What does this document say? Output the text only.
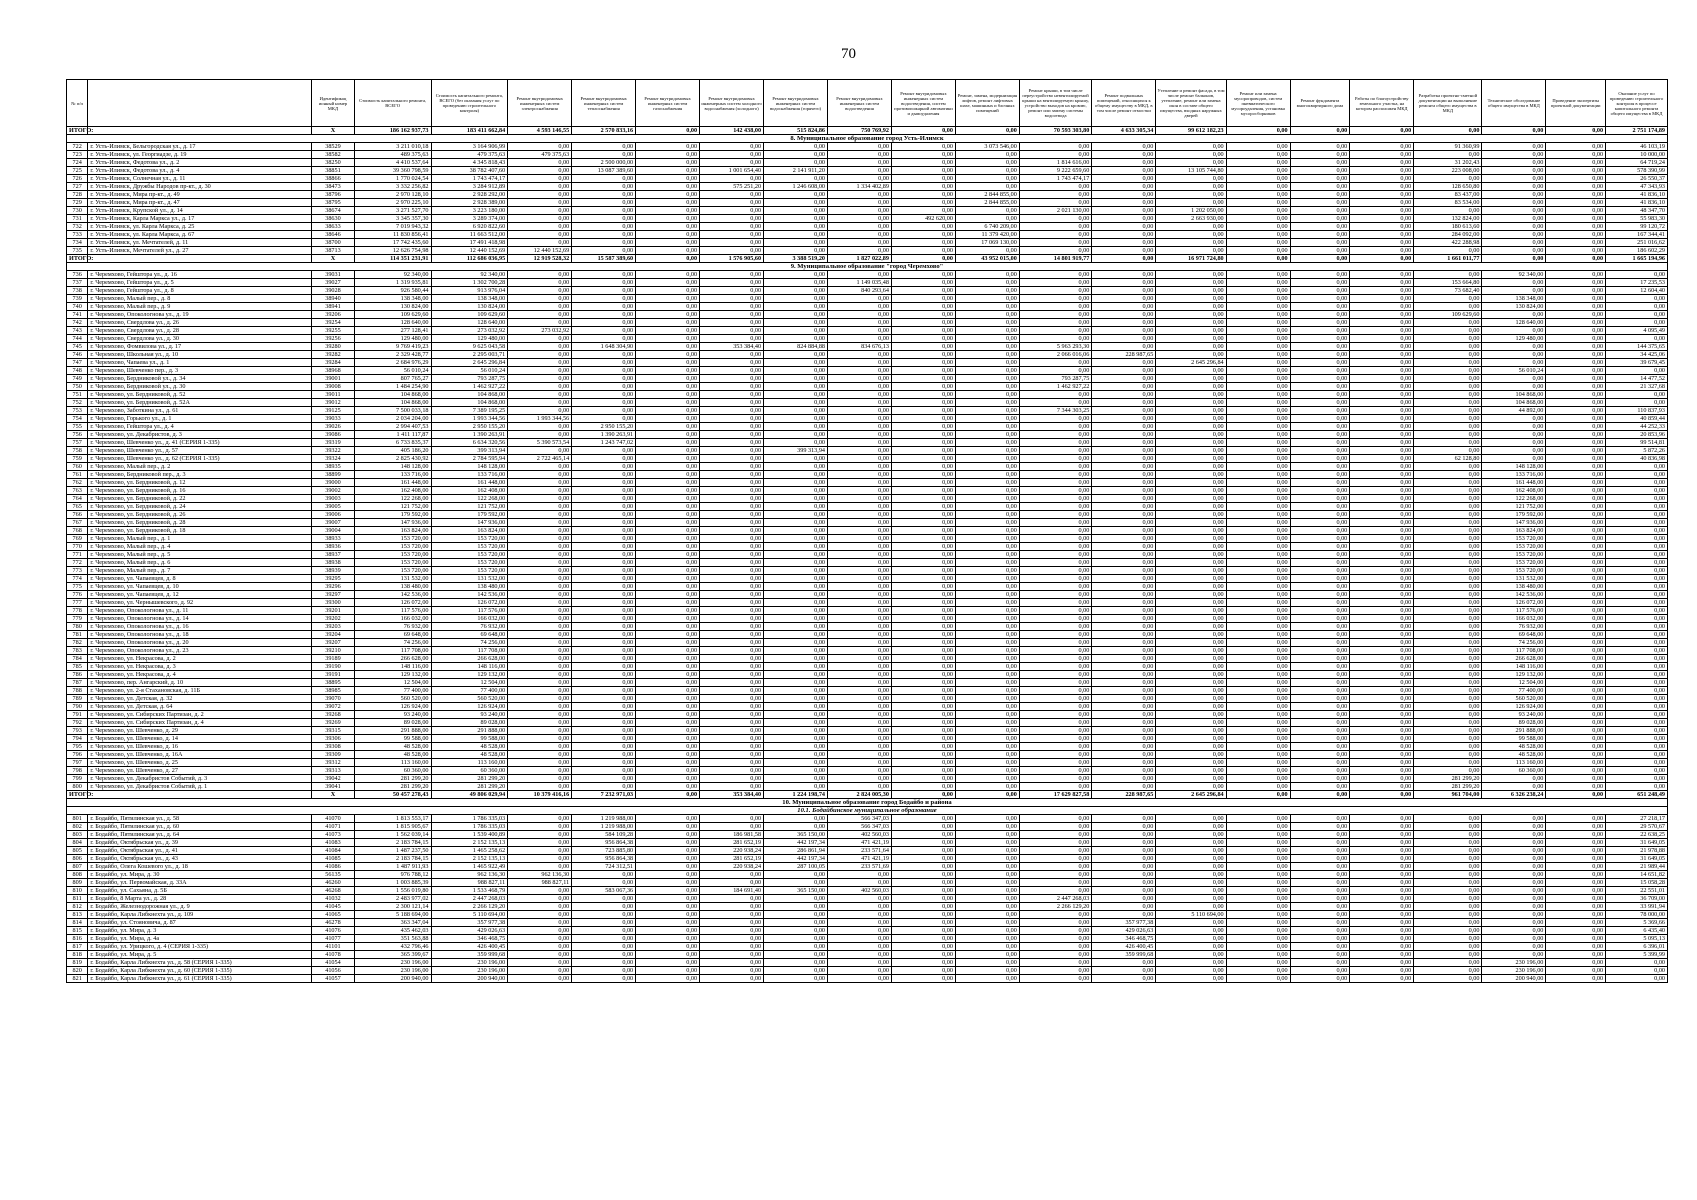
70
№ п/п		Идентификац ионный номер МКД	Стоимость капитального ремонта, ВСЕГО	Стоимость капитального ремонта, ВСЕГО (без оказания услуг по проведению строительного контроля)	Ремонт внутридомовых инженерных систем электроснабжения	Ремонт внутридомовых инженерных систем теплоснабжения	Ремонт внутридомовых инженерных систем газоснабжения	Ремонт внутридомовых инженерных систем холодного водоснабжения (холодного)	Ремонт внутридомовых инженерных систем водоснабжения (горячего)	Ремонт внутридомовых инженерных систем водоотведения	Ремонт внутридомовых инженерных систем водоотведения, систем противопожарной автоматики и дымоудаления	Ремонт, замена, модернизация лифтов, ремонт лифтовых шахт, машинных и блочных помещений	Ремонт крыши, в том числе переустройство невентилируемой крыши на вентилируемую крышу, устройство выходов на кровлю, ремонт или замену системы водоотвода	Ремонт подвальных помещений, относящихся к общему имуществу в МКД, в том числе ремонт отмостки	Утепление и ремонт фасада, в том числе ремонт балконов, утепление, ремонт или замена окон в составе общего имущества, входных наружных дверей	Ремонт или замена мусоропроводов, систем пневматического мусороудаления, установка мусоросборников	Ремонт фундамента многоквартирного дома	Работы по благоустройству земельного участка, на котором расположен МКД	Разработка проектно-сметной документации на выполнение ремонта общего имущества в МКД	Техническое обследование общего имущества в МКД	Проведение экспертизы проектной документации	Оказание услуг по проведению строительного контроля в процессе капитального ремонта общего имущества в МКД
ИТОГО:		X	186 162 937,73	183 411 662,84	4 593 146,55	2 570 833,16	0,00	142 438,00	515 824,86	750 769,92	0,00	0,00	70 593 303,80	4 633 305,34	99 612 182,23	0,00	0,00	0,00	0,00	0,00	0,00	2 751 174,89
8. Муниципальное образование город Усть-Илимск																						
722	г. Усть-Илимск, Бельгородская ул., д. 17	38529	3 211 010,18	3 164 906,99	0,00	0,00	0,00	0,00	0,00	0,00	0,00	3 073 546,00	0,00	0,00	0,00	0,00	0,00	0,00	91 360,99	0,00	0,00	46 103,19
723	г. Усть-Илимск, ул. Георгиадзе, д. 19	38582	489 375,63	479 375,63	479 375,63	0,00	0,00	0,00	0,00	0,00	0,00	0,00	0,00	0,00	0,00	0,00	0,00	0,00	0,00	0,00	0,00	10 000,00
724	г. Усть-Илимск, Федотова ул., д. 2	38250	4 410 537,64	4 345 818,43	0,00	2 500 000,00	0,00	0,00	0,00	0,00	0,00	0,00	1 814 616,00	0,00	0,00	0,00	0,00	0,00	31 202,43	0,00	0,00	64 719,24
725	г. Усть-Илимск, Федотова ул., д. 4	38851	39 360 798,59	38 782 407,60	0,00	13 087 389,60	0,00	1 001 654,40	2 141 911,20	0,00	0,00	0,00	9 222 659,60	0,00	13 105 744,80	0,00	0,00	0,00	223 008,00	0,00	0,00	578 390,99
726	г. Усть-Илимск, Солнечная ул., д. 11	38866	1 770 024,54	1 743 474,17	0,00	0,00	0,00	0,00	0,00	0,00	0,00	0,00	1 743 474,17	0,00	0,00	0,00	0,00	0,00	0,00	0,00	0,00	26 550,37
727	г. Усть-Илимск, Дружбы Народов пр-кт., д. 30	38473	3 332 256,82	3 284 912,89	0,00	0,00	0,00	575 251,20	1 246 608,00	1 334 402,89	0,00	0,00	0,00	0,00	0,00	0,00	0,00	0,00	128 650,80	0,00	0,00	47 343,93
728	г. Усть-Илимск, Мира пр-кт., д. 49	38796	2 970 128,10	2 928 292,00	0,00	0,00	0,00	0,00	0,00	0,00	0,00	2 844 855,00	0,00	0,00	0,00	0,00	0,00	0,00	83 437,00	0,00	0,00	41 836,10
729	г. Усть-Илимск, Мира пр-кт., д. 47	38795	2 970 225,10	2 928 389,00	0,00	0,00	0,00	0,00	0,00	0,00	0,00	2 844 855,00	0,00	0,00	0,00	0,00	0,00	0,00	83 534,00	0,00	0,00	41 836,10
730	г. Усть-Илимск, Крупской ул., д. 14	38674	3 271 527,70	3 223 180,00	0,00	0,00	0,00	0,00	0,00	0,00	0,00	0,00	2 021 130,00	0,00	1 202 050,00	0,00	0,00	0,00	0,00	0,00	0,00	48 347,70
731	г. Усть-Илимск, Карла Маркса ул., д. 17	38630	3 345 357,30	3 289 374,00	0,00	0,00	0,00	0,00	0,00	0,00	492 620,00	0,00	0,00	0,00	2 663 930,00	0,00	0,00	0,00	132 824,00	0,00	0,00	55 983,30
732	г. Усть-Илимск, ул. Карла Маркса, д. 25	38633	7 019 943,32	6 920 822,60	0,00	0,00	0,00	0,00	0,00	0,00	0,00	6 740 209,00	0,00	0,00	0,00	0,00	0,00	0,00	180 613,60	0,00	0,00	99 120,72
733	г. Усть-Илимск, ул. Карла Маркса, д. 67	38646	11 830 856,41	11 663 512,00	0,00	0,00	0,00	0,00	0,00	0,00	0,00	11 379 420,00	0,00	0,00	0,00	0,00	0,00	0,00	284 092,00	0,00	0,00	167 344,41
734	г. Усть-Илимск, ул. Мечтателей, д. 11	38700	17 742 435,60	17 491 418,98	0,00	0,00	0,00	0,00	0,00	0,00	0,00	17 069 130,00	0,00	0,00	0,00	0,00	0,00	0,00	422 288,98	0,00	0,00	251 016,62
735	г. Усть-Илимск, Мечтателей ул., д. 27	38713	12 626 754,98	12 440 152,69	12 440 152,69	0,00	0,00	0,00	0,00	0,00	0,00	0,00	0,00	0,00	0,00	0,00	0,00	0,00	0,00	0,00	0,00	186 602,29
ИТОГО:		X	114 351 231,91	112 686 036,95	12 919 528,32	15 587 389,60	0,00	1 576 905,60	3 388 519,20	1 827 022,89	0,00	43 952 015,00	14 801 919,77	0,00	16 971 724,80	0,00	0,00	0,00	1 661 011,77	0,00	0,00	1 665 194,96
9. Муниципальное образование "город Черемхово"																						
736	г. Черемхово, Гейштора ул., д. 16	39031	92 340,00	92 340,00	0,00	0,00	0,00	0,00	0,00	0,00	0,00	0,00	0,00	0,00	0,00	0,00	0,00	0,00	0,00	92 340,00	0,00	0,00
737	г. Черемхово, Гейштора ул., д. 5	39027	1 319 935,81	1 302 700,28	0,00	0,00	0,00	0,00	0,00	1 149 035,48	0,00	0,00	0,00	0,00	0,00	0,00	0,00	0,00	153 664,80	0,00	0,00	17 235,53
738	г. Черемхово, Гейштора ул., д. 8	39028	926 580,44	913 976,04	0,00	0,00	0,00	0,00	0,00	840 293,64	0,00	0,00	0,00	0,00	0,00	0,00	0,00	0,00	73 682,40	0,00	0,00	12 604,40
739	г. Черемхово, Малый пер., д. 8	38940	138 348,00	138 348,00	0,00	0,00	0,00	0,00	0,00	0,00	0,00	0,00	0,00	0,00	0,00	0,00	0,00	0,00	0,00	138 348,00	0,00	0,00
740	г. Черемхово, Малый пер., д. 9	38941	130 824,00	130 824,00	0,00	0,00	0,00	0,00	0,00	0,00	0,00	0,00	0,00	0,00	0,00	0,00	0,00	0,00	0,00	130 824,00	0,00	0,00
741	г. Черемхово, Опокологнова ул., д. 19	39206	109 629,60	109 629,60	0,00	0,00	0,00	0,00	0,00	0,00	0,00	0,00	0,00	0,00	0,00	0,00	0,00	0,00	109 629,60	0,00	0,00	0,00
742	г. Черемхово, Свердлова ул., д. 26	39254	128 640,00	128 640,00	0,00	0,00	0,00	0,00	0,00	0,00	0,00	0,00	0,00	0,00	0,00	0,00	0,00	0,00	0,00	128 640,00	0,00	0,00
743	г. Черемхово, Свердлова ул., д. 28	39255	277 128,41	273 032,92	273 032,92	0,00	0,00	0,00	0,00	0,00	0,00	0,00	0,00	0,00	0,00	0,00	0,00	0,00	0,00	0,00	0,00	4 095,49
744	г. Черемхово, Свердлова ул., д. 30	39256	129 480,00	129 480,00	0,00	0,00	0,00	0,00	0,00	0,00	0,00	0,00	0,00	0,00	0,00	0,00	0,00	0,00	0,00	129 480,00	0,00	0,00
745	г. Черемхово, Фомвилова ул., д. 17	39280	9 769 419,23	9 625 043,58	0,00	1 648 304,90	0,00	353 384,40	824 884,88	834 676,13	0,00	0,00	5 963 293,30	0,00	0,00	0,00	0,00	0,00	0,00	0,00	0,00	144 375,65
746	г. Черемхово, Школьная ул., д. 10	39282	2 329 428,77	2 295 003,71	0,00	0,00	0,00	0,00	0,00	0,00	0,00	0,00	2 066 016,06	228 987,65	0,00	0,00	0,00	0,00	0,00	0,00	0,00	34 425,06
747	г. Черемхово, Чапаева ул., д. 1	39284	2 684 976,29	2 645 296,84	0,00	0,00	0,00	0,00	0,00	0,00	0,00	0,00	0,00	0,00	2 645 296,84	0,00	0,00	0,00	0,00	0,00	0,00	39 679,45
748	г. Черемхово, Шевченко пер., д. 3	38968	56 010,24	56 010,24	0,00	0,00	0,00	0,00	0,00	0,00	0,00	0,00	0,00	0,00	0,00	0,00	0,00	0,00	0,00	56 010,24	0,00	0,00
749	г. Черемхово, Бердниковой ул., д. 34	39001	807 765,27	793 287,75	0,00	0,00	0,00	0,00	0,00	0,00	0,00	0,00	793 287,75	0,00	0,00	0,00	0,00	0,00	0,00	0,00	0,00	14 477,52
750	г. Черемхово, Бердниковой ул., д. 30	39008	1 484 254,90	1 462 927,22	0,00	0,00	0,00	0,00	0,00	0,00	0,00	0,00	1 462 927,22	0,00	0,00	0,00	0,00	0,00	0,00	0,00	0,00	21 327,68
751	г. Черемхово, ул. Бердниковой, д. 52	39011	104 868,00	104 868,00	0,00	0,00	0,00	0,00	0,00	0,00	0,00	0,00	0,00	0,00	0,00	0,00	0,00	0,00	0,00	104 868,00	0,00	0,00
752	г. Черемхово, ул. Бердниковой, д. 52А	39012	104 868,00	104 868,00	0,00	0,00	0,00	0,00	0,00	0,00	0,00	0,00	0,00	0,00	0,00	0,00	0,00	0,00	0,00	104 868,00	0,00	0,00
753	г. Черемхово, Заботкина ул., д. 61	39125	7 500 033,18	7 389 195,25	0,00	0,00	0,00	0,00	0,00	0,00	0,00	0,00	7 344 303,25	0,00	0,00	0,00	0,00	0,00	0,00	44 892,00	0,00	110 837,93
754	г. Черемхово, Горького ул., д. 1	39033	2 034 204,00	1 993 344,56	1 993 344,56	0,00	0,00	0,00	0,00	0,00	0,00	0,00	0,00	0,00	0,00	0,00	0,00	0,00	0,00	0,00	0,00	40 859,44
755	г. Черемхово, Гейштора ул., д. 4	39026	2 994 407,53	2 950 155,20	0,00	2 950 155,20	0,00	0,00	0,00	0,00	0,00	0,00	0,00	0,00	0,00	0,00	0,00	0,00	0,00	0,00	0,00	44 252,33
756	г. Черемхово, ул. Декабристов, д. 3	39086	1 411 117,87	1 390 263,91	0,00	1 390 263,91	0,00	0,00	0,00	0,00	0,00	0,00	0,00	0,00	0,00	0,00	0,00	0,00	0,00	0,00	0,00	20 853,96
757	г. Черемхово, Шевченко ул., д. 41 (СЕРИЯ 1-335)	39319	6 733 835,37	6 634 320,56	5 390 573,54	1 243 747,02	0,00	0,00	0,00	0,00	0,00	0,00	0,00	0,00	0,00	0,00	0,00	0,00	0,00	0,00	0,00	99 514,81
758	г. Черемхово, Шевченко ул., д. 57	39322	405 186,20	399 313,94	0,00	0,00	0,00	0,00	399 313,94	0,00	0,00	0,00	0,00	0,00	0,00	0,00	0,00	0,00	0,00	0,00	0,00	5 872,26
759	г. Черемхово, Шевченко ул., д. 62 (СЕРИЯ 1-335)	39324	2 825 430,92	2 784 595,94	2 722 465,14	0,00	0,00	0,00	0,00	0,00	0,00	0,00	0,00	0,00	0,00	0,00	0,00	0,00	62 128,80	0,00	0,00	40 836,98
760	г. Черемхово, Малый пер., д. 2	38935	148 128,00	148 128,00	0,00	0,00	0,00	0,00	0,00	0,00	0,00	0,00	0,00	0,00	0,00	0,00	0,00	0,00	0,00	148 128,00	0,00	0,00
761	г. Черемхово, Бердниковой пер., д. 3	38899	133 716,00	133 716,00	0,00	0,00	0,00	0,00	0,00	0,00	0,00	0,00	0,00	0,00	0,00	0,00	0,00	0,00	0,00	133 716,00	0,00	0,00
762	г. Черемхово, ул. Бердниковой, д. 12	39000	161 448,00	161 448,00	0,00	0,00	0,00	0,00	0,00	0,00	0,00	0,00	0,00	0,00	0,00	0,00	0,00	0,00	0,00	161 448,00	0,00	0,00
763	г. Черемхово, ул. Бердниковой, д. 16	39002	162 408,00	162 408,00	0,00	0,00	0,00	0,00	0,00	0,00	0,00	0,00	0,00	0,00	0,00	0,00	0,00	0,00	0,00	162 408,00	0,00	0,00
764	г. Черемхово, ул. Бердниковой, д. 22	39003	122 268,00	122 268,00	0,00	0,00	0,00	0,00	0,00	0,00	0,00	0,00	0,00	0,00	0,00	0,00	0,00	0,00	0,00	122 268,00	0,00	0,00
765	г. Черемхово, ул. Бердниковой, д. 24	39005	121 752,00	121 752,00	0,00	0,00	0,00	0,00	0,00	0,00	0,00	0,00	0,00	0,00	0,00	0,00	0,00	0,00	0,00	121 752,00	0,00	0,00
766	г. Черемхово, ул. Бердниковой, д. 26	39006	179 592,00	179 592,00	0,00	0,00	0,00	0,00	0,00	0,00	0,00	0,00	0,00	0,00	0,00	0,00	0,00	0,00	0,00	179 592,00	0,00	0,00
767	г. Черемхово, ул. Бердниковой, д. 28	39007	147 936,00	147 936,00	0,00	0,00	0,00	0,00	0,00	0,00	0,00	0,00	0,00	0,00	0,00	0,00	0,00	0,00	0,00	147 936,00	0,00	0,00
768	г. Черемхово, ул. Бердниковой, д. 18	39004	163 824,00	163 824,00	0,00	0,00	0,00	0,00	0,00	0,00	0,00	0,00	0,00	0,00	0,00	0,00	0,00	0,00	0,00	163 824,00	0,00	0,00
769	г. Черемхово, Малый пер., д. 1	38933	153 720,00	153 720,00	0,00	0,00	0,00	0,00	0,00	0,00	0,00	0,00	0,00	0,00	0,00	0,00	0,00	0,00	0,00	153 720,00	0,00	0,00
770	г. Черемхово, Малый пер., д. 4	38936	153 720,00	153 720,00	0,00	0,00	0,00	0,00	0,00	0,00	0,00	0,00	0,00	0,00	0,00	0,00	0,00	0,00	0,00	153 720,00	0,00	0,00
771	г. Черемхово, Малый пер., д. 5	38937	153 720,00	153 720,00	0,00	0,00	0,00	0,00	0,00	0,00	0,00	0,00	0,00	0,00	0,00	0,00	0,00	0,00	0,00	153 720,00	0,00	0,00
772	г. Черемхово, Малый пер., д. 6	38938	153 720,00	153 720,00	0,00	0,00	0,00	0,00	0,00	0,00	0,00	0,00	0,00	0,00	0,00	0,00	0,00	0,00	0,00	153 720,00	0,00	0,00
773	г. Черемхово, Малый пер., д. 7	38939	153 720,00	153 720,00	0,00	0,00	0,00	0,00	0,00	0,00	0,00	0,00	0,00	0,00	0,00	0,00	0,00	0,00	0,00	153 720,00	0,00	0,00
774	г. Черемхово, ул. Чапаевцев, д. 8	39295	131 532,00	131 532,00	0,00	0,00	0,00	0,00	0,00	0,00	0,00	0,00	0,00	0,00	0,00	0,00	0,00	0,00	0,00	131 532,00	0,00	0,00
775	г. Черемхово, ул. Чапаевцев, д. 10	39296	138 480,00	138 480,00	0,00	0,00	0,00	0,00	0,00	0,00	0,00	0,00	0,00	0,00	0,00	0,00	0,00	0,00	0,00	138 480,00	0,00	0,00
776	г. Черемхово, ул. Чапаевцев, д. 12	39297	142 536,00	142 536,00	0,00	0,00	0,00	0,00	0,00	0,00	0,00	0,00	0,00	0,00	0,00	0,00	0,00	0,00	0,00	142 536,00	0,00	0,00
777	г. Черемхово, ул. Чернышевского, д. 92	39300	126 072,00	126 072,00	0,00	0,00	0,00	0,00	0,00	0,00	0,00	0,00	0,00	0,00	0,00	0,00	0,00	0,00	0,00	126 072,00	0,00	0,00
778	г. Черемхово, Опокологнова ул., д. 11	39201	117 576,00	117 576,00	0,00	0,00	0,00	0,00	0,00	0,00	0,00	0,00	0,00	0,00	0,00	0,00	0,00	0,00	0,00	117 576,00	0,00	0,00
779	г. Черемхово, Опокологнова ул., д. 14	39202	166 032,00	166 032,00	0,00	0,00	0,00	0,00	0,00	0,00	0,00	0,00	0,00	0,00	0,00	0,00	0,00	0,00	0,00	166 032,00	0,00	0,00
780	г. Черемхово, Опокологнова ул., д. 16	39203	76 932,00	76 932,00	0,00	0,00	0,00	0,00	0,00	0,00	0,00	0,00	0,00	0,00	0,00	0,00	0,00	0,00	0,00	76 932,00	0,00	0,00
781	г. Черемхово, Опокологнова ул., д. 18	39204	69 648,00	69 648,00	0,00	0,00	0,00	0,00	0,00	0,00	0,00	0,00	0,00	0,00	0,00	0,00	0,00	0,00	0,00	69 648,00	0,00	0,00
782	г. Черемхово, Опокологнова ул., д. 20	39207	74 256,00	74 256,00	0,00	0,00	0,00	0,00	0,00	0,00	0,00	0,00	0,00	0,00	0,00	0,00	0,00	0,00	0,00	74 256,00	0,00	0,00
783	г. Черемхово, Опокологнова ул., д. 23	39210	117 708,00	117 708,00	0,00	0,00	0,00	0,00	0,00	0,00	0,00	0,00	0,00	0,00	0,00	0,00	0,00	0,00	0,00	117 708,00	0,00	0,00
784	г. Черемхово, ул. Некрасова, д. 2	39189	266 628,00	266 628,00	0,00	0,00	0,00	0,00	0,00	0,00	0,00	0,00	0,00	0,00	0,00	0,00	0,00	0,00	0,00	266 628,00	0,00	0,00
785	г. Черемхово, ул. Некрасова, д. 3	39190	148 116,00	148 116,00	0,00	0,00	0,00	0,00	0,00	0,00	0,00	0,00	0,00	0,00	0,00	0,00	0,00	0,00	0,00	148 116,00	0,00	0,00
786	г. Черемхово, ул. Некрасова, д. 4	39191	129 132,00	129 132,00	0,00	0,00	0,00	0,00	0,00	0,00	0,00	0,00	0,00	0,00	0,00	0,00	0,00	0,00	0,00	129 132,00	0,00	0,00
787	г. Черемхово, пер. Ангарский, д. 10	38895	12 504,00	12 504,00	0,00	0,00	0,00	0,00	0,00	0,00	0,00	0,00	0,00	0,00	0,00	0,00	0,00	0,00	0,00	12 504,00	0,00	0,00
788	г. Черемхово, ул. 2-я Стахановская, д. 11Б	38985	77 400,00	77 400,00	0,00	0,00	0,00	0,00	0,00	0,00	0,00	0,00	0,00	0,00	0,00	0,00	0,00	0,00	0,00	77 400,00	0,00	0,00
789	г. Черемхово, ул. Детская, д. 32	39070	560 520,00	560 520,00	0,00	0,00	0,00	0,00	0,00	0,00	0,00	0,00	0,00	0,00	0,00	0,00	0,00	0,00	0,00	560 520,00	0,00	0,00
790	г. Черемхово, ул. Детская, д. 64	39072	126 924,00	126 924,00	0,00	0,00	0,00	0,00	0,00	0,00	0,00	0,00	0,00	0,00	0,00	0,00	0,00	0,00	0,00	126 924,00	0,00	0,00
791	г. Черемхово, ул. Сибирских Партизан, д. 2	39268	93 240,00	93 240,00	0,00	0,00	0,00	0,00	0,00	0,00	0,00	0,00	0,00	0,00	0,00	0,00	0,00	0,00	0,00	93 240,00	0,00	0,00
792	г. Черемхово, ул. Сибирских Партизан, д. 4	39269	89 028,00	89 028,00	0,00	0,00	0,00	0,00	0,00	0,00	0,00	0,00	0,00	0,00	0,00	0,00	0,00	0,00	0,00	89 028,00	0,00	0,00
793	г. Черемхово, ул. Шевченко, д. 29	39315	291 888,00	291 888,00	0,00	0,00	0,00	0,00	0,00	0,00	0,00	0,00	0,00	0,00	0,00	0,00	0,00	0,00	0,00	291 888,00	0,00	0,00
794	г. Черемхово, ул. Шевченко, д. 14	39306	99 588,00	99 588,00	0,00	0,00	0,00	0,00	0,00	0,00	0,00	0,00	0,00	0,00	0,00	0,00	0,00	0,00	0,00	99 588,00	0,00	0,00
795	г. Черемхово, ул. Шевченко, д. 16	39308	48 528,00	48 528,00	0,00	0,00	0,00	0,00	0,00	0,00	0,00	0,00	0,00	0,00	0,00	0,00	0,00	0,00	0,00	48 528,00	0,00	0,00
796	г. Черемхово, ул. Шевченко, д. 16А	39309	48 528,00	48 528,00	0,00	0,00	0,00	0,00	0,00	0,00	0,00	0,00	0,00	0,00	0,00	0,00	0,00	0,00	0,00	48 528,00	0,00	0,00
797	г. Черемхово, ул. Шевченко, д. 25	39312	113 160,00	113 160,00	0,00	0,00	0,00	0,00	0,00	0,00	0,00	0,00	0,00	0,00	0,00	0,00	0,00	0,00	0,00	113 160,00	0,00	0,00
798	г. Черемхово, ул. Шевченко, д. 27	39313	60 360,00	60 360,00	0,00	0,00	0,00	0,00	0,00	0,00	0,00	0,00	0,00	0,00	0,00	0,00	0,00	0,00	0,00	60 360,00	0,00	0,00
799	г. Черемхово, ул. Декабристов Событий, д. 3	39042	281 299,20	281 299,20	0,00	0,00	0,00	0,00	0,00	0,00	0,00	0,00	0,00	0,00	0,00	0,00	0,00	0,00	281 299,20	0,00	0,00	0,00
800	г. Черемхово, ул. Декабристов Событий, д. 1	39041	281 299,20	281 299,20	0,00	0,00	0,00	0,00	0,00	0,00	0,00	0,00	0,00	0,00	0,00	0,00	0,00	0,00	281 299,20	0,00	0,00	0,00
ИТОГО:		X	50 457 278,43	49 806 029,94	10 379 416,16	7 232 971,03	0,00	353 384,40	1 224 198,74	2 824 005,30	0,00	0,00	17 629 827,58	228 987,65	2 645 296,84	0,00	0,00	0,00	961 704,00	6 326 238,24	0,00	651 248,49
10. Муниципальное образование город Бодайбо и района																						
10.1. Бодайбинское муниципальное образование																						
801	г. Бодайбо, Пятилинская ул., д. 58	41070	1 813 553,17	1 786 335,03	0,00	1 219 988,00	0,00	0,00	0,00	566 347,03	0,00	0,00	0,00	0,00	0,00	0,00	0,00	0,00	0,00	0,00	0,00	27 218,17
802	г. Бодайбо, Пятилинская ул., д. 60	41071	1 815 905,67	1 786 335,03	0,00	1 219 988,00	0,00	0,00	0,00	566 347,03	0,00	0,00	0,00	0,00	0,00	0,00	0,00	0,00	0,00	0,00	0,00	29 570,67
803	г. Бодайбо, Пятилинская ул., д. 64	41073	1 562 039,14	1 539 400,89	0,00	584 109,28	0,00	186 981,58	365 150,00	402 560,03	0,00	0,00	0,00	0,00	0,00	0,00	0,00	0,00	0,00	0,00	0,00	22 638,25
804	г. Бодайбо, Октябрьская ул., д. 39	41083	2 183 784,15	2 152 135,13	0,00	956 864,38	0,00	281 652,19	442 197,34	471 421,19	0,00	0,00	0,00	0,00	0,00	0,00	0,00	0,00	0,00	0,00	0,00	31 649,05
805	г. Бодайбо, Октябрьская ул., д. 41	41084	1 487 237,50	1 465 258,62	0,00	723 885,80	0,00	220 938,24	286 861,94	233 571,64	0,00	0,00	0,00	0,00	0,00	0,00	0,00	0,00	0,00	0,00	0,00	21 978,88
806	г. Бодайбо, Октябрьская ул., д. 43	41085	2 183 784,15	2 152 135,13	0,00	956 864,38	0,00	281 652,19	442 197,34	471 421,19	0,00	0,00	0,00	0,00	0,00	0,00	0,00	0,00	0,00	0,00	0,00	31 649,05
807	г. Бодайбо, Олега Кошевого ул., д. 18	41086	1 487 911,93	1 465 922,49	0,00	724 312,51	0,00	220 938,24	287 100,05	233 571,69	0,00	0,00	0,00	0,00	0,00	0,00	0,00	0,00	0,00	0,00	0,00	21 989,44
808	г. Бодайбо, ул. Мира, д. 30	56135	976 788,12	962 136,30	962 136,30	0,00	0,00	0,00	0,00	0,00	0,00	0,00	0,00	0,00	0,00	0,00	0,00	0,00	0,00	0,00	0,00	14 651,82
809	г. Бодайбо, ул. Первомайская, д. 33А	46260	1 003 885,39	988 827,11	988 827,11	0,00	0,00	0,00	0,00	0,00	0,00	0,00	0,00	0,00	0,00	0,00	0,00	0,00	0,00	0,00	0,00	15 058,28
810	г. Бодайбо, ул. Сахьянa, д. 5Б	46268	1 556 019,80	1 533 468,79	0,00	583 067,36	0,00	184 691,40	365 150,00	402 560,03	0,00	0,00	0,00	0,00	0,00	0,00	0,00	0,00	0,00	0,00	0,00	22 551,01
811	г. Бодайбо, 8 Марта ул., д. 28	41032	2 483 977,02	2 447 268,03	0,00	0,00	0,00	0,00	0,00	0,00	0,00	0,00	2 447 268,03	0,00	0,00	0,00	0,00	0,00	0,00	0,00	0,00	36 709,00
812	г. Бодайбо, Железнодорожная ул., д. 9	41045	2 300 121,14	2 266 129,20	0,00	0,00	0,00	0,00	0,00	0,00	0,00	0,00	2 266 129,20	0,00	0,00	0,00	0,00	0,00	0,00	0,00	0,00	33 991,94
813	г. Бодайбо, Карла Либкнехта ул., д. 109	41065	5 188 694,00	5 110 694,00	0,00	0,00	0,00	0,00	0,00	0,00	0,00	0,00	0,00	0,00	5 110 694,00	0,00	0,00	0,00	0,00	0,00	0,00	78 000,00
814	г. Бодайбо, ул. Стояновича, д. 87	46278	363 347,04	357 977,38	0,00	0,00	0,00	0,00	0,00	0,00	0,00	0,00	0,00	357 977,38	0,00	0,00	0,00	0,00	0,00	0,00	0,00	5 369,66
815	г. Бодайбо, ул. Мира, д. 3	41076	435 462,03	429 026,63	0,00	0,00	0,00	0,00	0,00	0,00	0,00	0,00	0,00	429 026,63	0,00	0,00	0,00	0,00	0,00	0,00	0,00	6 435,40
816	г. Бодайбо, ул. Мира, д. 4а	41077	351 563,88	346 468,75	0,00	0,00	0,00	0,00	0,00	0,00	0,00	0,00	0,00	346 468,75	0,00	0,00	0,00	0,00	0,00	0,00	0,00	5 095,13
817	г. Бодайбо, ул. Урицкого, д. 4 (СЕРИЯ 1-335)	41101	432 796,46	426 400,45	0,00	0,00	0,00	0,00	0,00	0,00	0,00	0,00	0,00	426 400,45	0,00	0,00	0,00	0,00	0,00	0,00	0,00	6 396,01
818	г. Бодайбо, ул. Мира, д. 5	41078	365 399,67	359 999,68	0,00	0,00	0,00	0,00	0,00	0,00	0,00	0,00	0,00	359 999,68	0,00	0,00	0,00	0,00	0,00	0,00	0,00	5 399,99
819	г. Бодайбо, Карла Либкнехта ул., д. 58 (СЕРИЯ 1-335)	41054	230 196,00	230 196,00	0,00	0,00	0,00	0,00	0,00	0,00	0,00	0,00	0,00	0,00	0,00	0,00	0,00	0,00	0,00	230 196,00	0,00	0,00
820	г. Бодайбо, Карла Либкнехта ул., д. 60 (СЕРИЯ 1-335)	41056	230 196,00	230 196,00	0,00	0,00	0,00	0,00	0,00	0,00	0,00	0,00	0,00	0,00	0,00	0,00	0,00	0,00	0,00	230 196,00	0,00	0,00
821	г. Бодайбо, Карла Либкнехта ул., д. 61 (СЕРИЯ 1-335)	41057	200 940,00	200 940,00	0,00	0,00	0,00	0,00	0,00	0,00	0,00	0,00	0,00	0,00	0,00	0,00	0,00	0,00	0,00	200 940,00	0,00	0,00
